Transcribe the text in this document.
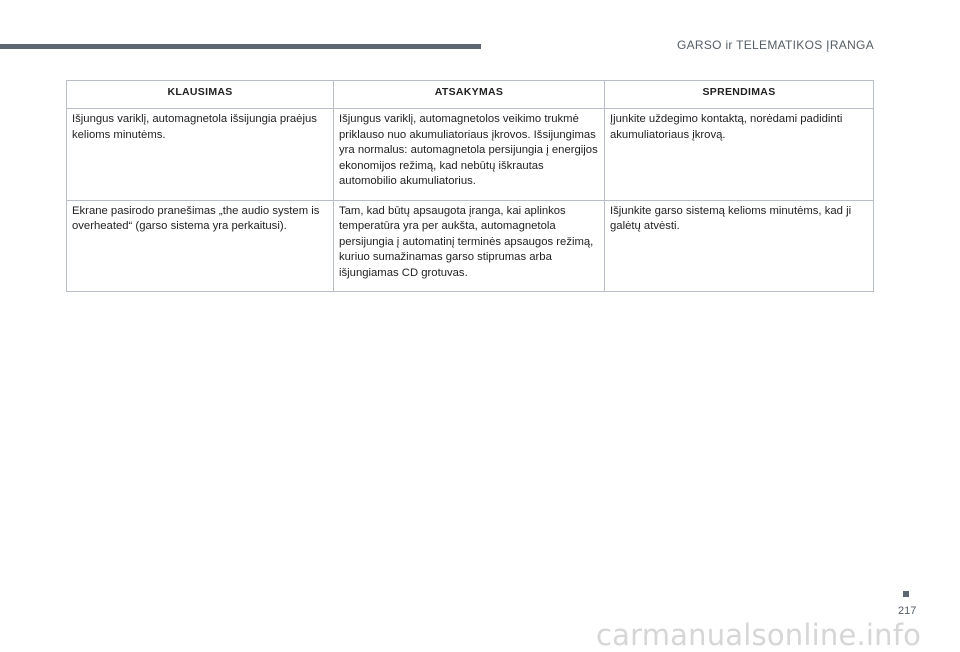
GARSO ir TELEMATIKOS ĮRANGA
KLAUSIMAS	ATSAKYMAS	SPRENDIMAS
Išjungus variklį, automagnetola išsijungia praėjus kelioms minutėms.	Išjungus variklį, automagnetolos veikimo trukmė priklauso nuo akumuliatoriaus įkrovos. Išsijungimas yra normalus: automagnetola persijungia į energijos ekonomijos režimą, kad nebūtų iškrautas automobilio akumuliatorius.	Įjunkite uždegimo kontaktą, norėdami padidinti akumuliatoriaus įkrovą.
Ekrane pasirodo pranešimas „the audio system is overheated“ (garso sistema yra perkaitusi).	Tam, kad būtų apsaugota įranga, kai aplinkos temperatūra yra per aukšta, automagnetola persijungia į automatinį terminės apsaugos režimą, kuriuo sumažinamas garso stiprumas arba išjungiamas CD grotuvas.	Išjunkite garso sistemą kelioms minutėms, kad ji galėtų atvėsti.
217
carmanualsonline.info
